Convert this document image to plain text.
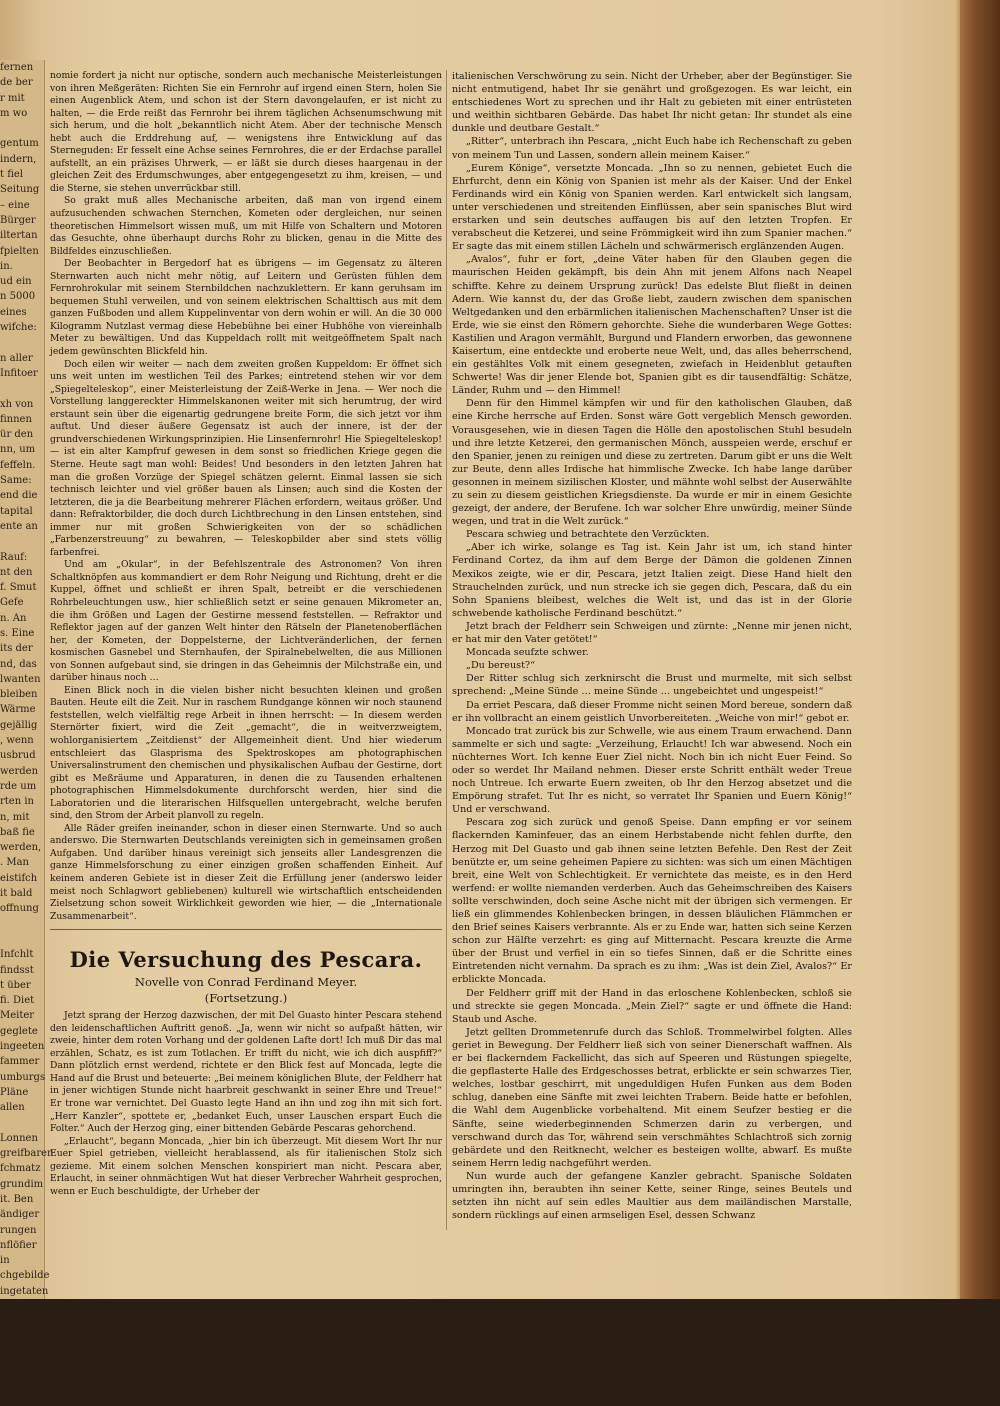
fernen
de ber
r mit
m wo

gentum
indern,
t fiel
Seitung
– eine
Bürger
iltertan
fpielten
in.
ud ein
n 5000
eines
wifche:

n aller
Infitoer

xh von
finnen
ür den
nn, um
feffeln.
Same:
end die
tapital
ente an

Rauf:
nt den
f. Smut
Gefe
n. An
s. Eine
its der
nd, das
lwanten
bleiben
Wärme
gejällig
, wenn
usbrud
werden
rde um
rten in
n, mit
baß fie
werden,
. Man
eistifch
it bald
offnung

Infchlt
findsst
t über
fi. Diet
Meiter
geglete
ingeeten
fammer
umburgs
Pläne
allen

Lonnen
greifbaren
fchmatz
grundim
it. Ben
ändiger
rungen
nflöfier
in
chgebilde
ingetaten
n pur
rt,

ierat der
von
m bi
r Seitty

nomie fordert ja nicht nur optische, sondern auch mechanische Meisterleistungen von ihren Meßgeräten: Richten Sie ein Fernrohr auf irgend einen Stern, holen Sie einen Augenblick Atem, und schon ist der Stern davongelaufen, er ist nicht zu halten, — die Erde reißt das Fernrohr bei ihrem täglichen Achsenumschwung mit sich herum, und die holt „bekanntlich nicht Atem. Aber der technische Mensch hebt auch die Erddrehung auf, — wenigstens ihre Entwicklung auf das Sterneguden: Er fesselt eine Achse seines Fernrohres, die er der Erdachse parallel aufstellt, an ein präzises Uhrwerk, — er läßt sie durch dieses haargenau in der gleichen Zeit des Erdumschwunges, aber entgegengesetzt zu ihm, kreisen, — und die Sterne, sie stehen unverrückbar still.

So grakt muß alles Mechanische arbeiten, daß man von irgend einem aufzusuchenden schwachen Sternchen, Kometen oder dergleichen, nur seinen theoretischen Himmelsort wissen muß, um mit Hilfe von Schaltern und Motoren das Gesuchte, ohne überhaupt durchs Rohr zu blicken, genau in die Mitte des Bildfeldes einzuschließen.

Der Beobachter in Bergedorf hat es übrigens — im Gegensatz zu älteren Sternwarten auch nicht mehr nötig, auf Leitern und Gerüsten fühlen dem Fernrohrokular mit seinem Sternbildchen nachzuklettern. Er kann geruhsam im bequemen Stuhl verweilen, und von seinem elektrischen Schalttisch aus mit dem ganzen Fußboden und allem Kuppelinventar von dern wohin er will. An die 30 000 Kilogramm Nutzlast vermag diese Hebebühne bei einer Hubhöhe von viereinhalb Meter zu bewältigen. Und das Kuppeldach rollt mit weitgeöffnetem Spalt nach jedem gewünschten Blickfeld hin.

Doch eilen wir weiter — nach dem zweiten großen Kuppeldom: Er öffnet sich uns weit unten im westlichen Teil des Parkes; eintretend stehen wir vor dem „Spiegelteleskop“, einer Meisterleistung der Zeiß-Werke in Jena. — Wer noch die Vorstellung langgereckter Himmelskanonen weiter mit sich herumtrug, der wird erstaunt sein über die eigenartig gedrungene breite Form, die sich jetzt vor ihm auftut. Und dieser äußere Gegensatz ist auch der innere, ist der der grundverschiedenen Wirkungsprinzipien. Hie Linsenfernrohr! Hie Spiegelteleskop! — ist ein alter Kampfruf gewesen in dem sonst so friedlichen Kriege gegen die Sterne. Heute sagt man wohl: Beides! Und besonders in den letzten Jahren hat man die großen Vorzüge der Spiegel schätzen gelernt. Einmal lassen sie sich technisch leichter und viel größer bauen als Linsen; auch sind die Kosten der letzteren, die ja die Bearbeitung mehrerer Flächen erfordern, weitaus größer. Und dann: Refraktorbilder, die doch durch Lichtbrechung in den Linsen entstehen, sind immer nur mit großen Schwierigkeiten von der so schädlichen „Farbenzerstreuung“ zu bewahren, — Teleskopbilder aber sind stets völlig farbenfrei.

Und am „Okular“, in der Befehlszentrale des Astronomen? Von ihren Schaltknöpfen aus kommandiert er dem Rohr Neigung und Richtung, dreht er die Kuppel, öffnet und schließt er ihren Spalt, betreibt er die verschiedenen Rohrbeleuchtungen usw., hier schließlich setzt er seine genauen Mikrometer an, die ihm Größen und Lagen der Gestirne messend feststellen. — Refraktor und Reflektor jagen auf der ganzen Welt hinter den Rätseln der Planetenoberflächen her, der Kometen, der Doppelsterne, der Lichtveränderlichen, der fernen kosmischen Gasnebel und Sternhaufen, der Spiralnebelwelten, die aus Millionen von Sonnen aufgebaut sind, sie dringen in das Geheimnis der Milchstraße ein, und darüber hinaus noch …

Einen Blick noch in die vielen bisher nicht besuchten kleinen und großen Bauten. Heute eilt die Zeit. Nur in raschem Rundgange können wir noch staunend feststellen, welch vielfältig rege Arbeit in ihnen herrscht: — In diesem werden Sternörter fixiert, wird die Zeit „gemacht“, die in weitverzweigtem, wohlorganisiertem „Zeitdienst“ der Allgemeinheit dient. Und hier wiederum entschleiert das Glasprisma des Spektroskopes am photographischen Universalinstrument den chemischen und physikalischen Aufbau der Gestirne, dort gibt es Meßräume und Apparaturen, in denen die zu Tausenden erhaltenen photographischen Himmelsdokumente durchforscht werden, hier sind die Laboratorien und die literarischen Hilfsquellen untergebracht, welche berufen sind, den Strom der Arbeit planvoll zu regeln.

Alle Räder greifen ineinander, schon in dieser einen Sternwarte. Und so auch anderswo. Die Sternwarten Deutschlands vereinigten sich in gemeinsamen großen Aufgaben. Und darüber hinaus vereinigt sich jenseits aller Landesgrenzen die ganze Himmelsforschung zu einer einzigen großen schaffenden Einheit. Auf keinem anderen Gebiete ist in dieser Zeit die Erfüllung jener (anderswo leider meist noch Schlagwort gebliebenen) kulturell wie wirtschaftlich entscheidenden Zielsetzung schon soweit Wirklichkeit geworden wie hier, — die „Internationale Zusammenarbeit“.

Die Versuchung des Pescara.
Novelle von Conrad Ferdinand Meyer.
(Fortsetzung.)

Jetzt sprang der Herzog dazwischen, der mit Del Guasto hinter Pescara stehend den leidenschaftlichen Auftritt genoß. „Ja, wenn wir nicht so aufpaßt hätten, wir zweie, hinter dem roten Vorhang und der goldenen Lafte dort! Ich muß Dir das mal erzählen, Schatz, es ist zum Totlachen. Er trifft du nicht, wie ich dich auspfiff?“ Dann plötzlich ernst werdend, richtete er den Blick fest auf Moncada, legte die Hand auf die Brust und beteuerte: „Bei meinem königlichen Blute, der Feldherr hat in jener wichtigen Stunde nicht haarbreit geschwankt in seiner Ehre und Treue!“ Er trone war vernichtet. Del Guasto legte Hand an ihn und zog ihn mit sich fort. „Herr Kanzler“, spottete er, „bedanket Euch, unser Lauschen erspart Euch die Folter.“ Auch der Herzog ging, einer bittenden Gebärde Pescaras gehorchend.

„Erlaucht“, begann Moncada, „hier bin ich überzeugt. Mit diesem Wort Ihr nur Euer Spiel getrieben, vielleicht herablassend, als für italienischen Stolz sich gezieme. Mit einem solchen Menschen konspiriert man nicht. Pescara aber, Erlaucht, in seiner ohnmächtigen Wut hat dieser Verbrecher Wahrheit gesprochen, wenn er Euch beschuldigte, der Urheber der

italienischen Verschwörung zu sein. Nicht der Urheber, aber der Begünstiger. Sie nicht entmutigend, habet Ihr sie genährt und großgezogen. Es war leicht, ein entschiedenes Wort zu sprechen und ihr Halt zu gebieten mit einer entrüsteten und weithin sichtbaren Gebärde. Das habet Ihr nicht getan: Ihr stundet als eine dunkle und deutbare Gestalt.“

„Ritter“, unterbrach ihn Pescara, „nicht Euch habe ich Rechenschaft zu geben von meinem Tun und Lassen, sondern allein meinem Kaiser.“

„Eurem Könige“, versetzte Moncada. „Ihn so zu nennen, gebietet Euch die Ehrfurcht, denn ein König von Spanien ist mehr als der Kaiser. Und der Enkel Ferdinands wird ein König von Spanien werden. Karl entwickelt sich langsam, unter verschiedenen und streitenden Einflüssen, aber sein spanisches Blut wird erstarken und sein deutsches auffaugen bis auf den letzten Tropfen. Er verabscheut die Ketzerei, und seine Frömmigkeit wird ihn zum Spanier machen.“ Er sagte das mit einem stillen Lächeln und schwärmerisch erglänzenden Augen.

„Avalos“, fuhr er fort, „deine Väter haben für den Glauben gegen die maurischen Heiden gekämpft, bis dein Ahn mit jenem Alfons nach Neapel schiffte. Kehre zu deinem Ursprung zurück! Das edelste Blut fließt in deinen Adern. Wie kannst du, der das Große liebt, zaudern zwischen dem spanischen Weltgedanken und den erbärmlichen italienischen Machenschaften? Unser ist die Erde, wie sie einst den Römern gehorchte. Siehe die wunderbaren Wege Gottes: Kastilien und Aragon vermählt, Burgund und Flandern erworben, das gewonnene Kaisertum, eine entdeckte und eroberte neue Welt, und, das alles beherrschend, ein gestähltes Volk mit einem gesegneten, zwiefach in Heidenblut getauften Schwerte! Was dir jener Elende bot, Spanien gibt es dir tausendfältig: Schätze, Länder, Ruhm und — den Himmel!

Denn für den Himmel kämpfen wir und für den katholischen Glauben, daß eine Kirche herrsche auf Erden. Sonst wäre Gott vergeblich Mensch geworden. Vorausgesehen, wie in diesen Tagen die Hölle den apostolischen Stuhl besudeln und ihre letzte Ketzerei, den germanischen Mönch, ausspeien werde, erschuf er den Spanier, jenen zu reinigen und diese zu zertreten. Darum gibt er uns die Welt zur Beute, denn alles Irdische hat himmlische Zwecke. Ich habe lange darüber gesonnen in meinem sizilischen Kloster, und mähnte wohl selbst der Auserwählte zu sein zu diesem geistlichen Kriegsdienste. Da wurde er mir in einem Gesichte gezeigt, der andere, der Berufene. Ich war solcher Ehre unwürdig, meiner Sünde wegen, und trat in die Welt zurück.“

Pescara schwieg und betrachtete den Verzückten.

„Aber ich wirke, solange es Tag ist. Kein Jahr ist um, ich stand hinter Ferdinand Cortez, da ihm auf dem Berge der Dämon die goldenen Zinnen Mexikos zeigte, wie er dir, Pescara, jetzt Italien zeigt. Diese Hand hielt den Strauchelnden zurück, und nun strecke ich sie gegen dich, Pescara, daß du ein Sohn Spaniens bleibest, welches die Welt ist, und das ist in der Glorie schwebende katholische Ferdinand beschützt.“

Jetzt brach der Feldherr sein Schweigen und zürnte: „Nenne mir jenen nicht, er hat mir den Vater getötet!“

Moncada seufzte schwer.

„Du bereust?“

Der Ritter schlug sich zerknirscht die Brust und murmelte, mit sich selbst sprechend: „Meine Sünde … meine Sünde … ungebeichtet und ungespeist!“

Da erriet Pescara, daß dieser Fromme nicht seinen Mord bereue, sondern daß er ihn vollbracht an einem geistlich Unvorbereiteten. „Weiche von mir!“ gebot er.

Moncado trat zurück bis zur Schwelle, wie aus einem Traum erwachend. Dann sammelte er sich und sagte: „Verzeihung, Erlaucht! Ich war abwesend. Noch ein nüchternes Wort. Ich kenne Euer Ziel nicht. Noch bin ich nicht Euer Feind. So oder so werdet Ihr Mailand nehmen. Dieser erste Schritt enthält weder Treue noch Untreue. Ich erwarte Euern zweiten, ob Ihr den Herzog absetzet und die Empörung strafet. Tut Ihr es nicht, so verratet Ihr Spanien und Euern König!“ Und er verschwand.

Pescara zog sich zurück und genoß Speise. Dann empfing er vor seinem flackernden Kaminfeuer, das an einem Herbstabende nicht fehlen durfte, den Herzog mit Del Guasto und gab ihnen seine letzten Befehle. Den Rest der Zeit benützte er, um seine geheimen Papiere zu sichten: was sich um einen Mächtigen breit, eine Welt von Schlechtigkeit. Er vernichtete das meiste, es in den Herd werfend: er wollte niemanden verderben. Auch das Geheimschreiben des Kaisers sollte verschwinden, doch seine Asche nicht mit der übrigen sich vermengen. Er ließ ein glimmendes Kohlenbecken bringen, in dessen bläulichen Flämmchen er den Brief seines Kaisers verbrannte. Als er zu Ende war, hatten sich seine Kerzen schon zur Hälfte verzehrt: es ging auf Mitternacht. Pescara kreuzte die Arme über der Brust und verfiel in ein so tiefes Sinnen, daß er die Schritte eines Eintretenden nicht vernahm. Da sprach es zu ihm: „Was ist dein Ziel, Avalos?“ Er erblickte Moncada.

Der Feldherr griff mit der Hand in das erloschene Kohlenbecken, schloß sie und streckte sie gegen Moncada. „Mein Ziel?“ sagte er und öffnete die Hand: Staub und Asche.

Jetzt gellten Drommetenrufe durch das Schloß. Trommelwirbel folgten. Alles geriet in Bewegung. Der Feldherr ließ sich von seiner Dienerschaft waffnen. Als er bei flackerndem Fackellicht, das sich auf Speeren und Rüstungen spiegelte, die gepflasterte Halle des Erdgeschosses betrat, erblickte er sein schwarzes Tier, welches, lostbar geschirrt, mit ungeduldigen Hufen Funken aus dem Boden schlug, daneben eine Sänfte mit zwei leichten Trabern. Beide hatte er befohlen, die Wahl dem Augenblicke vorbehaltend. Mit einem Seufzer bestieg er die Sänfte, seine wiederbeginnenden Schmerzen darin zu verbergen, und verschwand durch das Tor, während sein verschmähtes Schlachtroß sich zornig gebärdete und den Reitknecht, welcher es besteigen wollte, abwarf. Es mußte seinem Herrn ledig nachgeführt werden.

Nun wurde auch der gefangene Kanzler gebracht. Spanische Soldaten umringten ihn, beraubten ihn seiner Kette, seiner Ringe, seines Beutels und setzten ihn nicht auf sein edles Maultier aus dem mailändischen Marstalle, sondern rücklings auf einen armseligen Esel, dessen Schwanz
